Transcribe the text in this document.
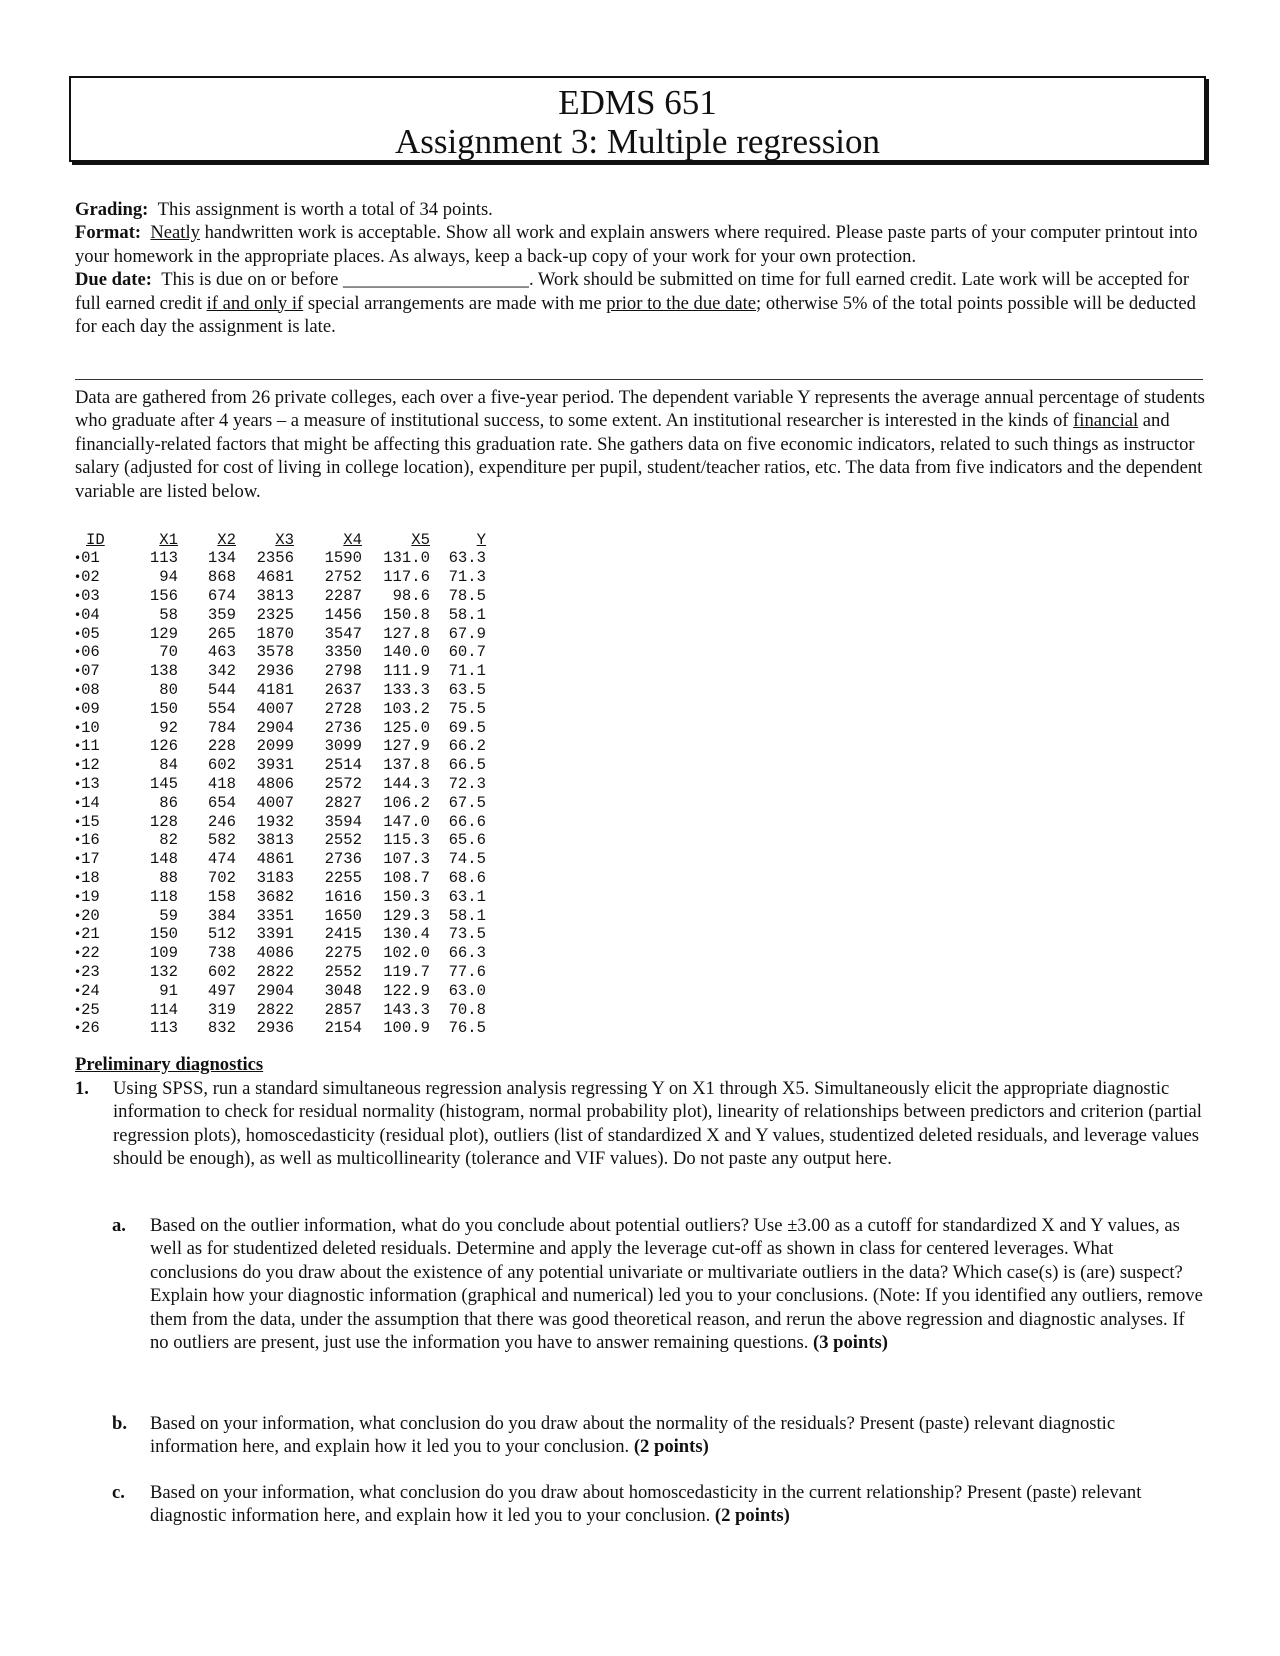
EDMS 651
Assignment 3: Multiple regression

Grading: This assignment is worth a total of 34 points.

Format: Neatly handwritten work is acceptable. Show all work and explain answers where required. Please paste parts of your computer printout into your homework in the appropriate places. As always, keep a back-up copy of your work for your own protection.

Due date: This is due on or before ____________________. Work should be submitted on time for full earned credit. Late work will be accepted for full earned credit if and only if special arrangements are made with me prior to the due date; otherwise 5% of the total points possible will be deducted for each day the assignment is late.

Data are gathered from 26 private colleges, each over a five-year period. The dependent variable Y represents the average annual percentage of students who graduate after 4 years – a measure of institutional success, to some extent. An institutional researcher is interested in the kinds of financial and financially-related factors that might be affecting this graduation rate. She gathers data on five economic indicators, related to such things as instructor salary (adjusted for cost of living in college location), expenditure per pupil, student/teacher ratios, etc. The data from five indicators and the dependent variable are listed below.

ID	X1	X2	X3	X4	X5	Y
•01	113	134	2356	1590	131.0	63.3
•02	94	868	4681	2752	117.6	71.3
•03	156	674	3813	2287	98.6	78.5
•04	58	359	2325	1456	150.8	58.1
•05	129	265	1870	3547	127.8	67.9
•06	70	463	3578	3350	140.0	60.7
•07	138	342	2936	2798	111.9	71.1
•08	80	544	4181	2637	133.3	63.5
•09	150	554	4007	2728	103.2	75.5
•10	92	784	2904	2736	125.0	69.5
•11	126	228	2099	3099	127.9	66.2
•12	84	602	3931	2514	137.8	66.5
•13	145	418	4806	2572	144.3	72.3
•14	86	654	4007	2827	106.2	67.5
•15	128	246	1932	3594	147.0	66.6
•16	82	582	3813	2552	115.3	65.6
•17	148	474	4861	2736	107.3	74.5
•18	88	702	3183	2255	108.7	68.6
•19	118	158	3682	1616	150.3	63.1
•20	59	384	3351	1650	129.3	58.1
•21	150	512	3391	2415	130.4	73.5
•22	109	738	4086	2275	102.0	66.3
•23	132	602	2822	2552	119.7	77.6
•24	91	497	2904	3048	122.9	63.0
•25	114	319	2822	2857	143.3	70.8
•26	113	832	2936	2154	100.9	76.5
Preliminary diagnostics
1. Using SPSS, run a standard simultaneous regression analysis regressing Y on X1 through X5. Simultaneously elicit the appropriate diagnostic information to check for residual normality (histogram, normal probability plot), linearity of relationships between predictors and criterion (partial regression plots), homoscedasticity (residual plot), outliers (list of standardized X and Y values, studentized deleted residuals, and leverage values should be enough), as well as multicollinearity (tolerance and VIF values). Do not paste any output here.
a. Based on the outlier information, what do you conclude about potential outliers? Use ±3.00 as a cutoff for standardized X and Y values, as well as for studentized deleted residuals. Determine and apply the leverage cut-off as shown in class for centered leverages. What conclusions do you draw about the existence of any potential univariate or multivariate outliers in the data? Which case(s) is (are) suspect? Explain how your diagnostic information (graphical and numerical) led you to your conclusions. (Note: If you identified any outliers, remove them from the data, under the assumption that there was good theoretical reason, and rerun the above regression and diagnostic analyses. If no outliers are present, just use the information you have to answer remaining questions. (3 points)
b. Based on your information, what conclusion do you draw about the normality of the residuals? Present (paste) relevant diagnostic information here, and explain how it led you to your conclusion. (2 points)
c. Based on your information, what conclusion do you draw about homoscedasticity in the current relationship? Present (paste) relevant diagnostic information here, and explain how it led you to your conclusion. (2 points)
